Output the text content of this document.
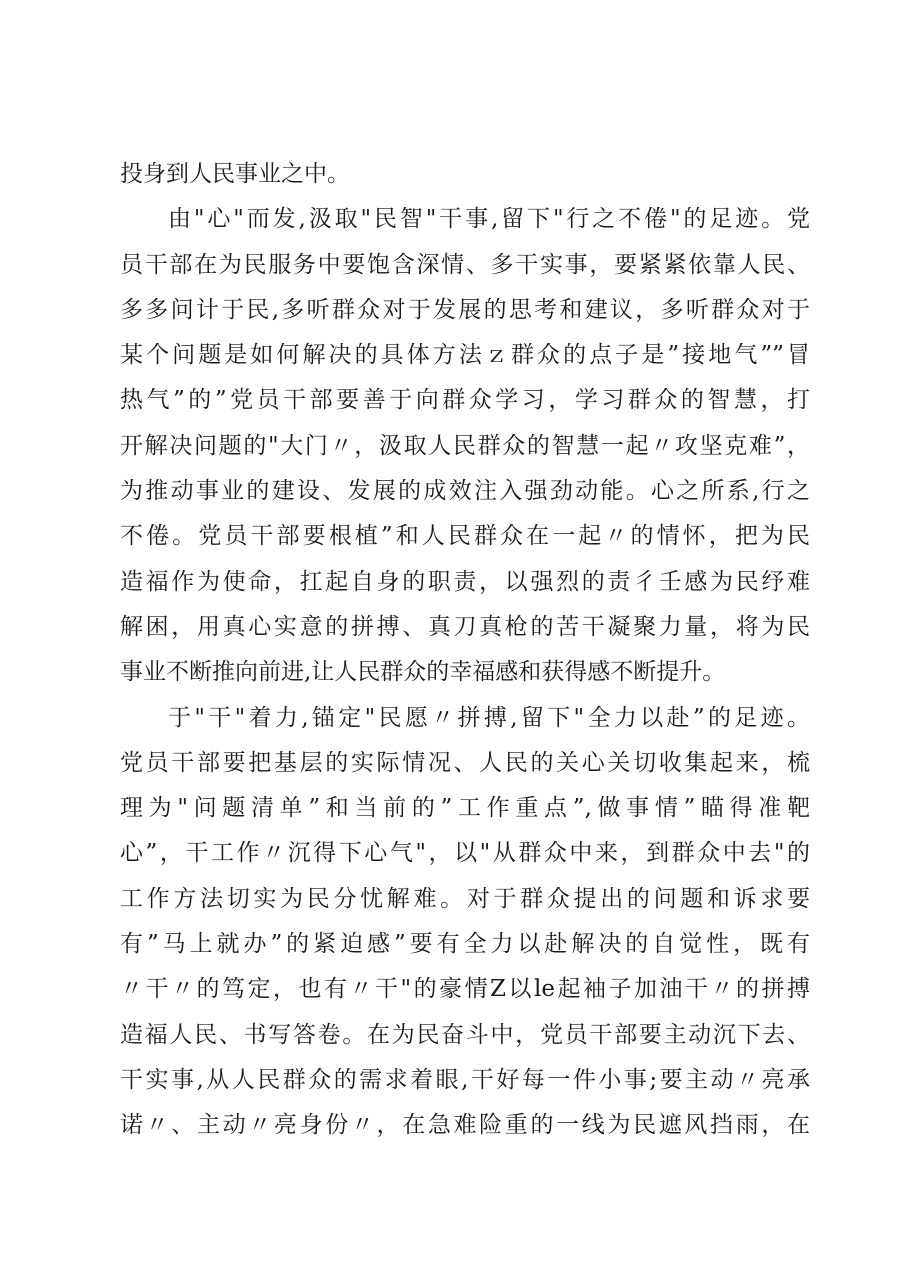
投身到人民事业之中。
由"心"而发,汲取"民智"干事,留下"行之不倦"的足迹。党
员干部在为民服务中要饱含深情、多干实事，要紧紧依靠人民、
多多问计于民,多听群众对于发展的思考和建议，多听群众对于
某个问题是如何解决的具体方法ｚ群众的点子是”接地气””冒
热气”的”党员干部要善于向群众学习，学习群众的智慧，打
开解决问题的"大门〃，汲取人民群众的智慧一起〃攻坚克难”，
为推动事业的建设、发展的成效注入强劲动能。心之所系,行之
不倦。党员干部要根植”和人民群众在一起〃的情怀，把为民
造福作为使命，扛起自身的职责，以强烈的责彳壬感为民纾难
解困，用真心实意的拼搏、真刀真枪的苦干凝聚力量，将为民
事业不断推向前进,让人民群众的幸福感和获得感不断提升。
于"干"着力,锚定"民愿〃拼搏,留下"全力以赴”的足迹。
党员干部要把基层的实际情况、人民的关心关切收集起来，梳
理为"问题清单”和当前的”工作重点”,做事情”瞄得准靶
心”，干工作〃沉得下心气"，以"从群众中来，到群众中去"的
工作方法切实为民分忧解难。对于群众提出的问题和诉求要
有”马上就办”的紧迫感”要有全力以赴解决的自觉性，既有
〃干〃的笃定，也有〃干"的豪情Z以le起袖子加油干〃的拼搏
造福人民、书写答卷。在为民奋斗中，党员干部要主动沉下去、
干实事,从人民群众的需求着眼,干好每一件小事;要主动〃亮承
诺〃、主动〃亮身份〃，在急难险重的一线为民遮风挡雨，在
